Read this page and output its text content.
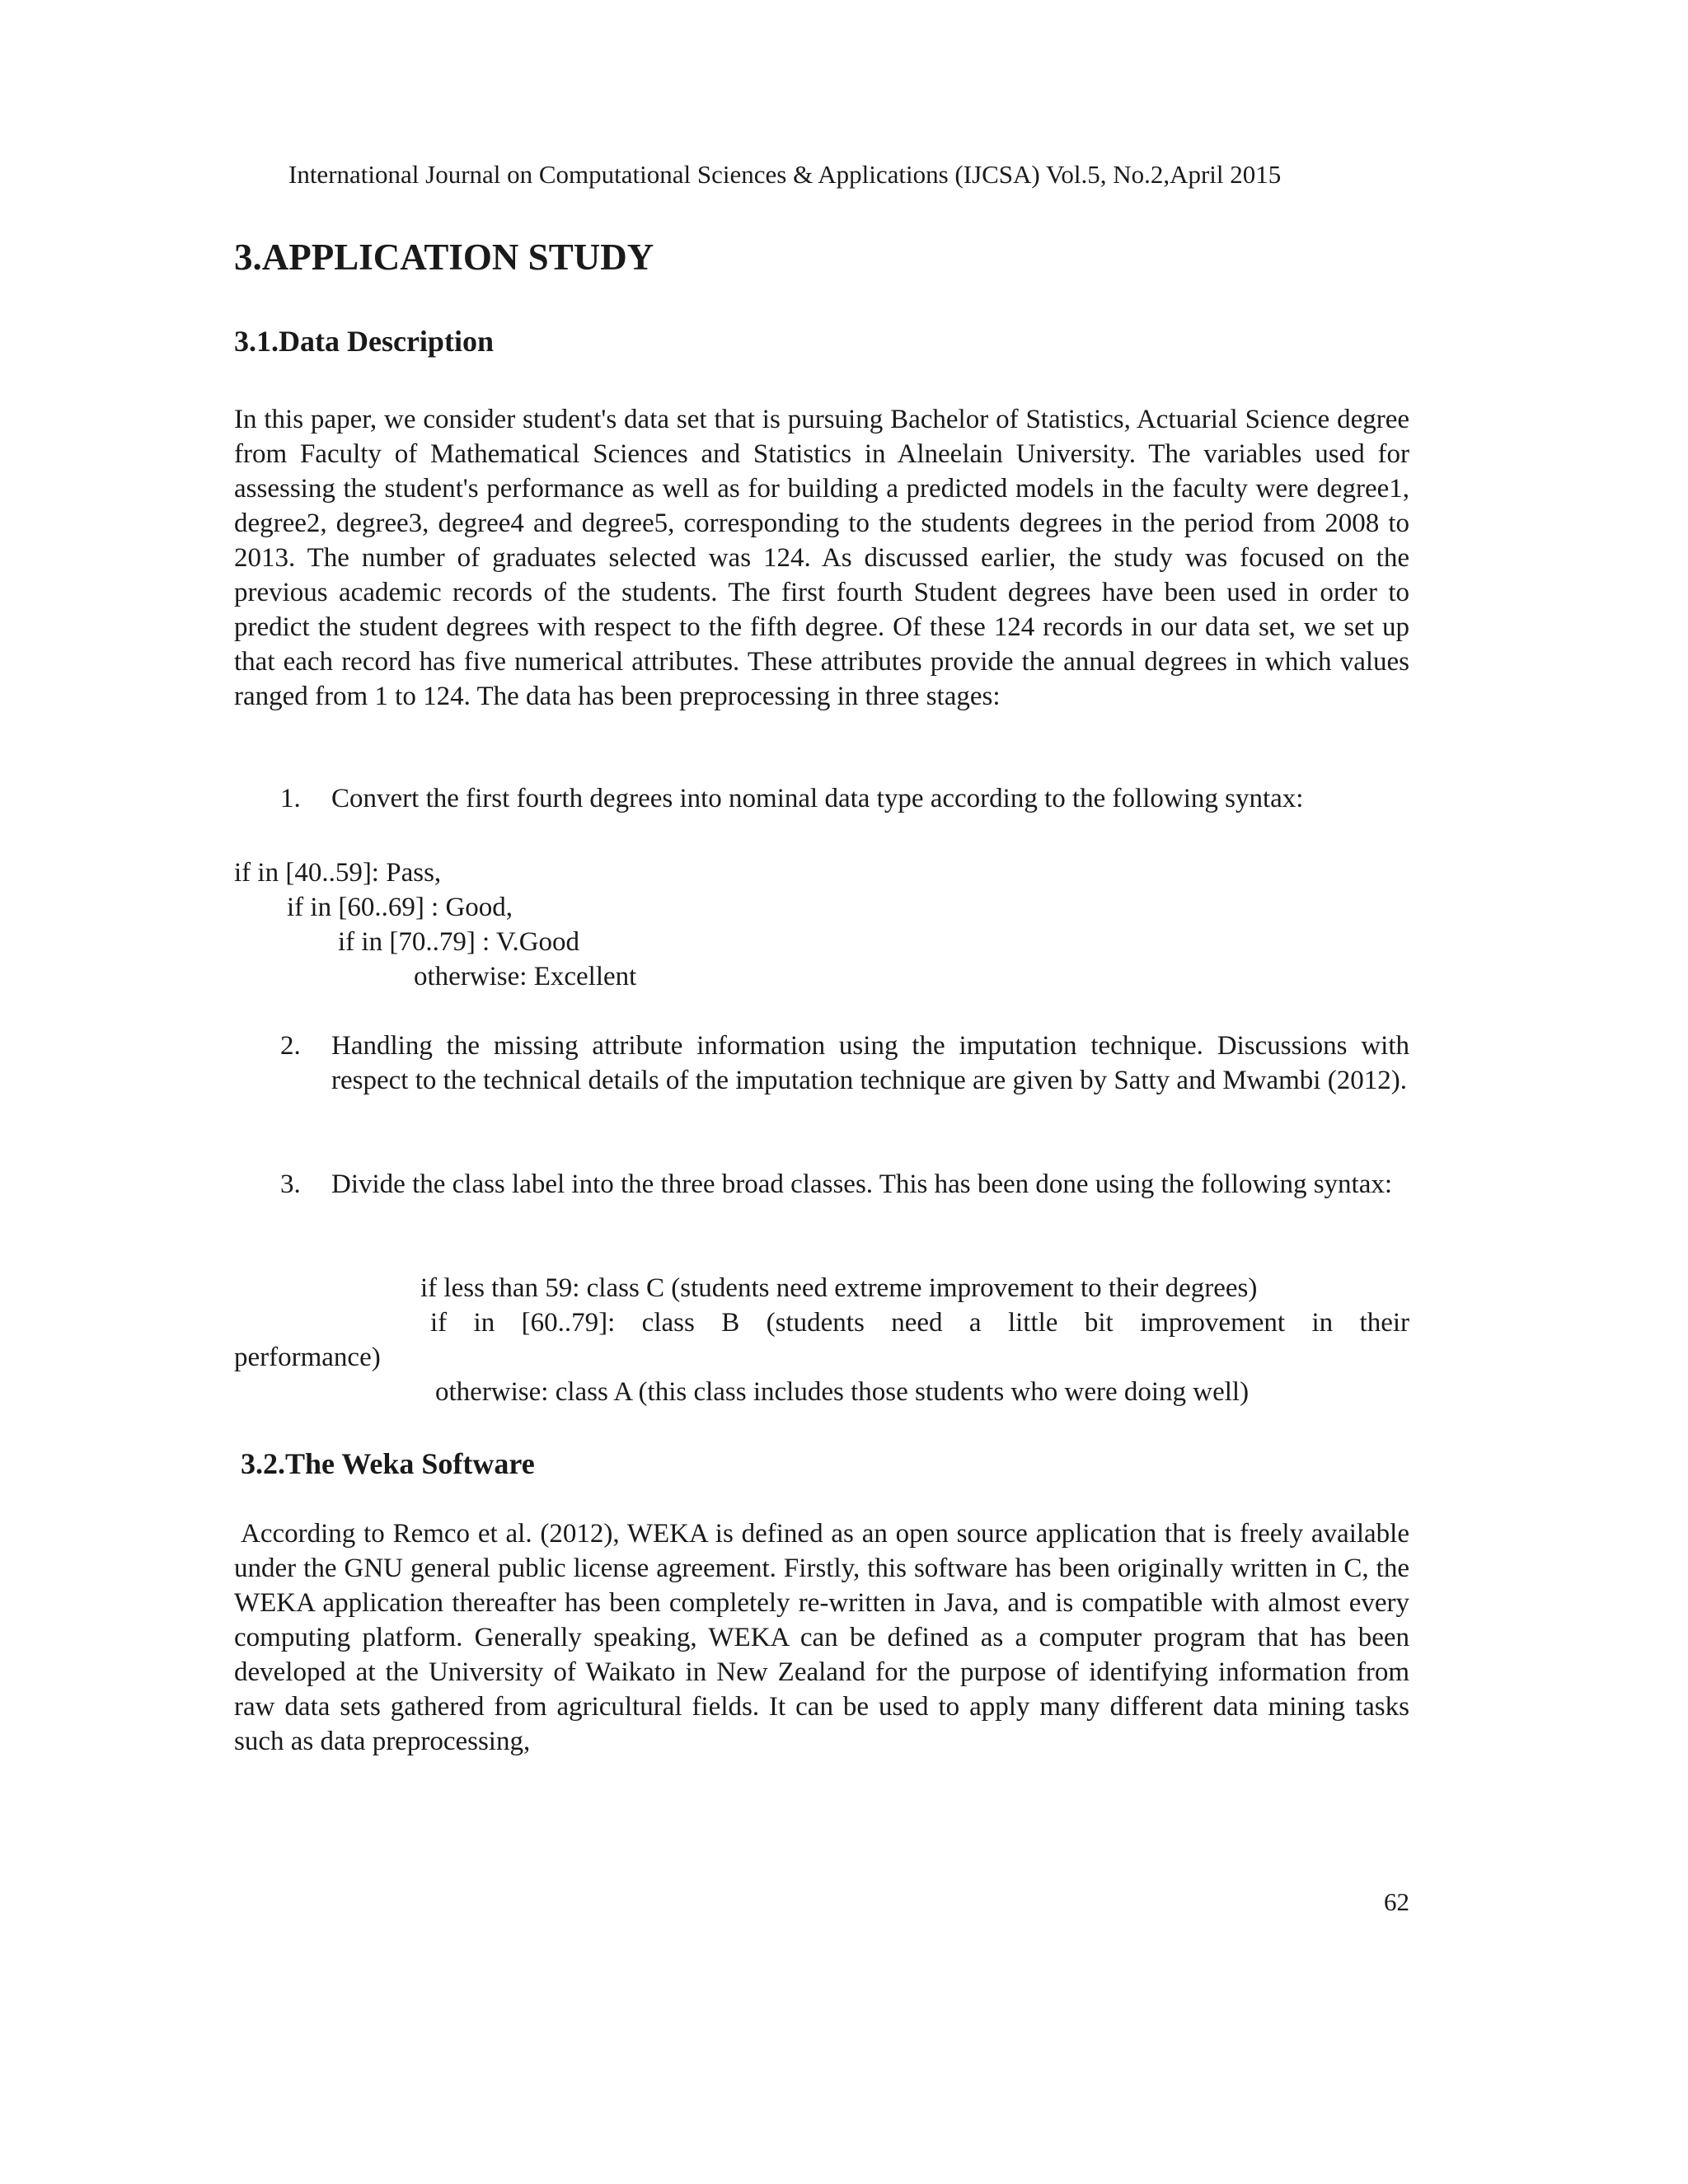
International Journal on Computational Sciences & Applications (IJCSA) Vol.5, No.2,April 2015
3.APPLICATION STUDY
3.1.Data Description
In this paper, we consider student's data set that is pursuing Bachelor of Statistics, Actuarial Science degree from Faculty of Mathematical Sciences and Statistics in Alneelain University. The variables used for assessing the student's performance as well as for building a predicted models in the faculty were degree1, degree2, degree3, degree4 and degree5, corresponding to the students degrees in the period from 2008 to 2013. The number of graduates selected was 124. As discussed earlier, the study was focused on the previous academic records of the students. The first fourth Student degrees have been used in order to predict the student degrees with respect to the fifth degree. Of these 124 records in our data set, we set up that each record has five numerical attributes. These attributes provide the annual degrees in which values ranged from 1 to 124. The data has been preprocessing in three stages:
1.	Convert the first fourth degrees into nominal data type according to the following syntax:
if in [40..59]: Pass,
if in [60..69] : Good,
if in [70..79] : V.Good
otherwise: Excellent
2.	Handling the missing attribute information using the imputation technique. Discussions with respect to the technical details of the imputation technique are given by Satty and Mwambi (2012).
3.	Divide the class label into the three broad classes. This has been done using the following syntax:
if less than 59: class C (students need extreme improvement to their degrees)
if in [60..79]: class B (students need a little bit improvement in their
performance)
otherwise: class A (this class includes those students who were doing well)
3.2.The Weka Software
According to Remco et al. (2012), WEKA is defined as an open source application that is freely available under the GNU general public license agreement. Firstly, this software has been originally written in C, the WEKA application thereafter has been completely re-written in Java, and is compatible with almost every computing platform. Generally speaking, WEKA can be defined as a computer program that has been developed at the University of Waikato in New Zealand for the purpose of identifying information from raw data sets gathered from agricultural fields. It can be used to apply many different data mining tasks such as data preprocessing,
62
